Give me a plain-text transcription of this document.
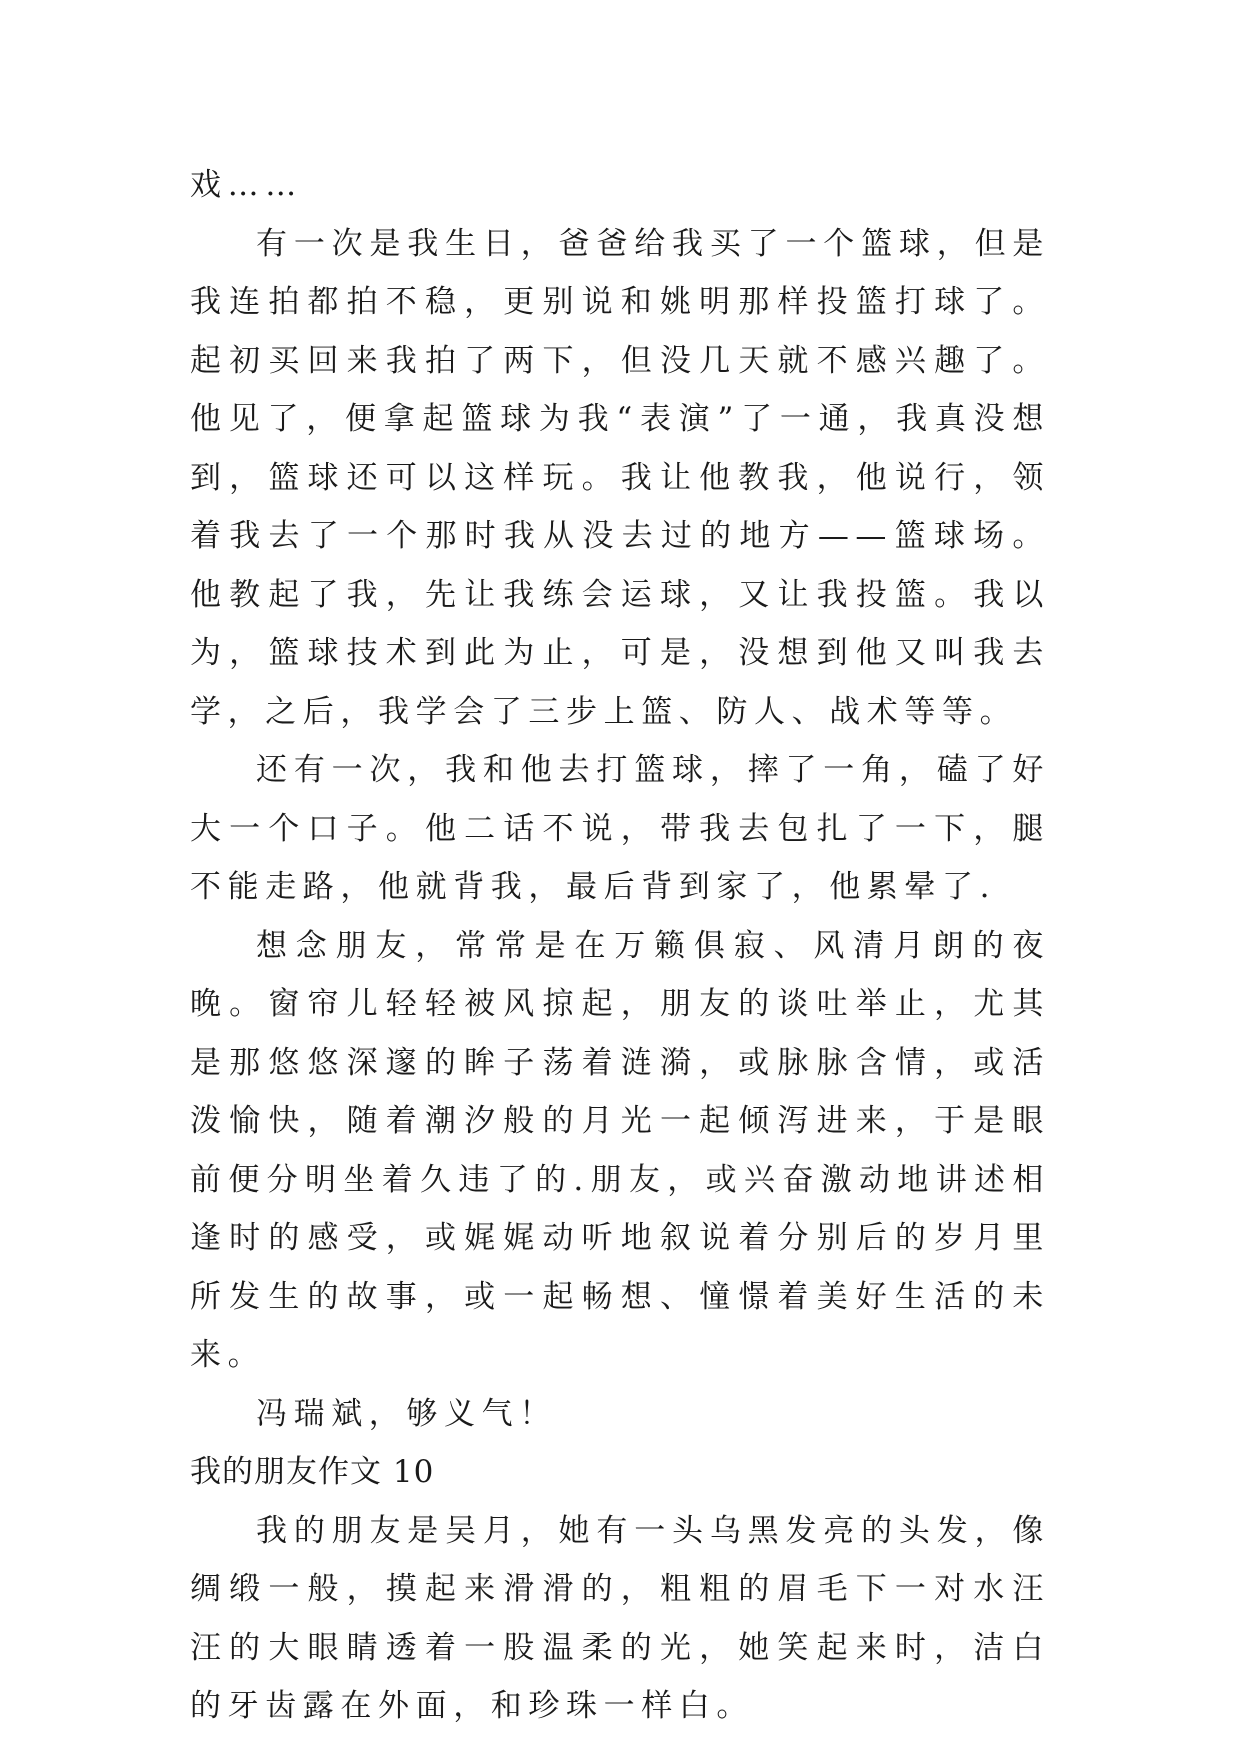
戏……

有一次是我生日，爸爸给我买了一个篮球，但是我连拍都拍不稳，更别说和姚明那样投篮打球了。起初买回来我拍了两下，但没几天就不感兴趣了。他见了，便拿起篮球为我“表演”了一通，我真没想到，篮球还可以这样玩。我让他教我，他说行，领着我去了一个那时我从没去过的地方——篮球场。他教起了我，先让我练会运球，又让我投篮。我以为，篮球技术到此为止，可是，没想到他又叫我去学，之后，我学会了三步上篮、防人、战术等等。

还有一次，我和他去打篮球，摔了一角，磕了好大一个口子。他二话不说，带我去包扎了一下，腿不能走路，他就背我，最后背到家了，他累晕了.

想念朋友，常常是在万籁俱寂、风清月朗的夜晚。窗帘儿轻轻被风掠起，朋友的谈吐举止，尤其是那悠悠深邃的眸子荡着涟漪，或脉脉含情，或活泼愉快，随着潮汐般的月光一起倾泻进来，于是眼前便分明坐着久违了的.朋友，或兴奋激动地讲述相逢时的感受，或娓娓动听地叙说着分别后的岁月里所发生的故事，或一起畅想、憧憬着美好生活的未来。

冯瑞斌，够义气！

我的朋友作文 10

我的朋友是吴月，她有一头乌黑发亮的头发，像绸缎一般，摸起来滑滑的，粗粗的眉毛下一对水汪汪的大眼睛透着一股温柔的光，她笑起来时，洁白的牙齿露在外面，和珍珠一样白。
